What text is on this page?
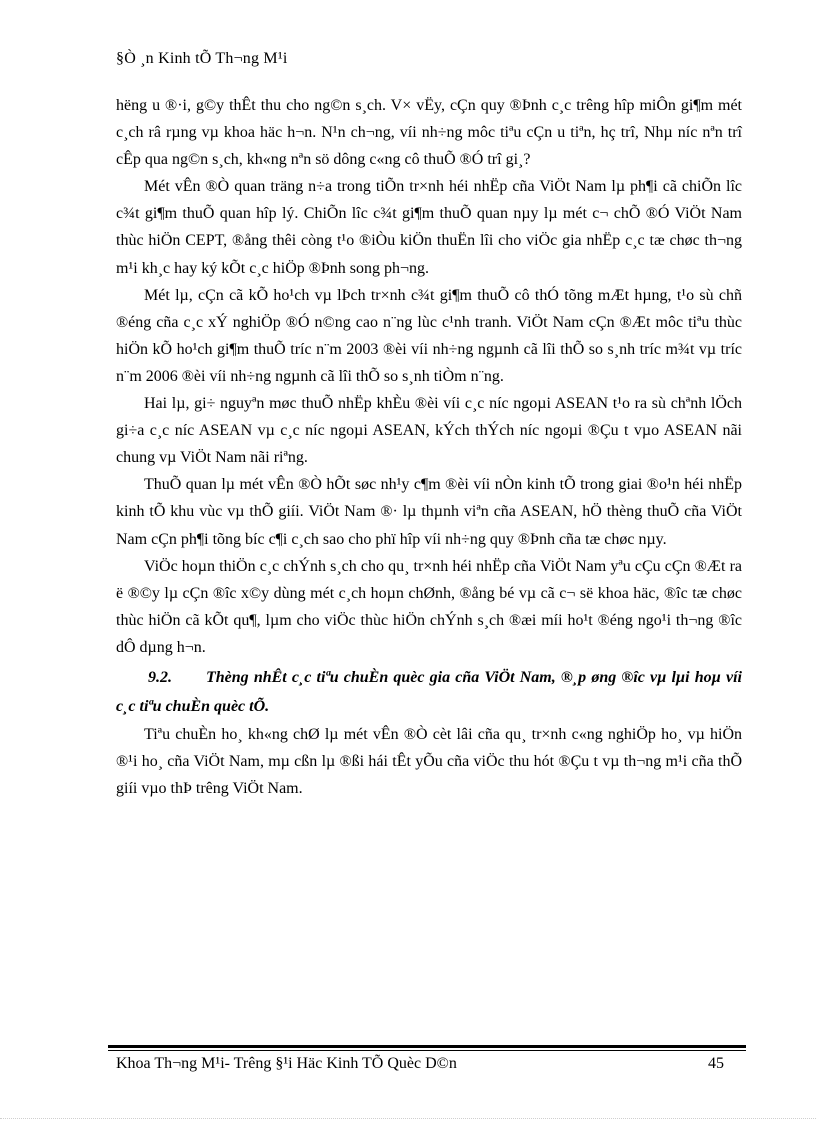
§Ò ¸n Kinh tÕ Th¬ng M¹i

hëng u ®·i, g©y thÊt thu cho ng©n s¸ch. V× vËy, cÇn quy ®Þnh c¸c trêng hîp miÔn gi¶m mét c¸ch râ rµng vµ khoa häc h¬n. N¹n ch¬ng, víi nh÷ng môc tiªu cÇn u tiªn, hç trî, Nhµ níc nªn trî cÊp qua ng©n s¸ch, kh«ng nªn sö dông c«ng cô thuÕ ®Ó trî gi¸?

Mét vÊn ®Ò quan träng n÷a trong tiÕn tr×nh héi nhËp cña ViÖt Nam lµ ph¶i cã chiÕn lîc c¾t gi¶m thuÕ quan hîp lý. ChiÕn lîc c¾t gi¶m thuÕ quan nµy lµ mét c¬ chÕ ®Ó ViÖt Nam thùc hiÖn CEPT, ®ång thêi còng t¹o ®iÒu kiÖn thuËn lîi cho viÖc gia nhËp c¸c tæ chøc th¬ng m¹i kh¸c hay ký kÕt c¸c hiÖp ®Þnh song ph¬ng.

Mét lµ, cÇn cã kÕ ho¹ch vµ lÞch tr×nh c¾t gi¶m thuÕ cô thÓ tõng mÆt hµng, t¹o sù chñ ®éng cña c¸c xÝ nghiÖp ®Ó n©ng cao n¨ng lùc c¹nh tranh. ViÖt Nam cÇn ®Æt môc tiªu thùc hiÖn kÕ ho¹ch gi¶m thuÕ tríc n¨m 2003 ®èi víi nh÷ng ngµnh cã lîi thÕ so s¸nh tríc m¾t vµ tríc n¨m 2006 ®èi víi nh÷ng ngµnh cã lîi thÕ so s¸nh tiÒm n¨ng.

Hai lµ, gi÷ nguyªn møc thuÕ nhËp khÈu ®èi víi c¸c níc ngoµi ASEAN t¹o ra sù chªnh lÖch gi÷a c¸c níc ASEAN vµ c¸c níc ngoµi ASEAN, kÝch thÝch níc ngoµi ®Çu t vµo ASEAN nãi chung vµ ViÖt Nam nãi riªng.

ThuÕ quan lµ mét vÊn ®Ò hÕt søc nh¹y c¶m ®èi víi nÒn kinh tÕ trong giai ®o¹n héi nhËp kinh tÕ khu vùc vµ thÕ giíi. ViÖt Nam ®· lµ thµnh viªn cña ASEAN, hÖ thèng thuÕ cña ViÖt Nam cÇn ph¶i tõng bíc c¶i c¸ch sao cho phï hîp víi nh÷ng quy ®Þnh cña tæ chøc nµy.

ViÖc hoµn thiÖn c¸c chÝnh s¸ch cho qu¸ tr×nh héi nhËp cña ViÖt Nam yªu cÇu cÇn ®Æt ra ë ®©y lµ cÇn ®îc x©y dùng mét c¸ch hoµn chØnh, ®ång bé vµ cã c¬ së khoa häc, ®îc tæ chøc thùc hiÖn cã kÕt qu¶, lµm cho viÖc thùc hiÖn chÝnh s¸ch ®æi míi ho¹t ®éng ngo¹i th¬ng ®îc dÔ dµng h¬n.

9.2. Thèng nhÊt c¸c tiªu chuÈn quèc gia cña ViÖt Nam, ®¸p øng ®îc vµ lµi hoµ víi c¸c tiªu chuÈn quèc tÕ.

Tiªu chuÈn ho¸ kh«ng chØ lµ mét vÊn ®Ò cèt lâi cña qu¸ tr×nh c«ng nghiÖp ho¸ vµ hiÖn ®¹i ho¸ cña ViÖt Nam, mµ cßn lµ ®ßi hái tÊt yÕu cña viÖc thu hót ®Çu t vµ th¬ng m¹i cña thÕ giíi vµo thÞ trêng ViÖt Nam.

Khoa Th¬ng M¹i- Trêng §¹i Häc Kinh TÕ Quèc D©n	45
